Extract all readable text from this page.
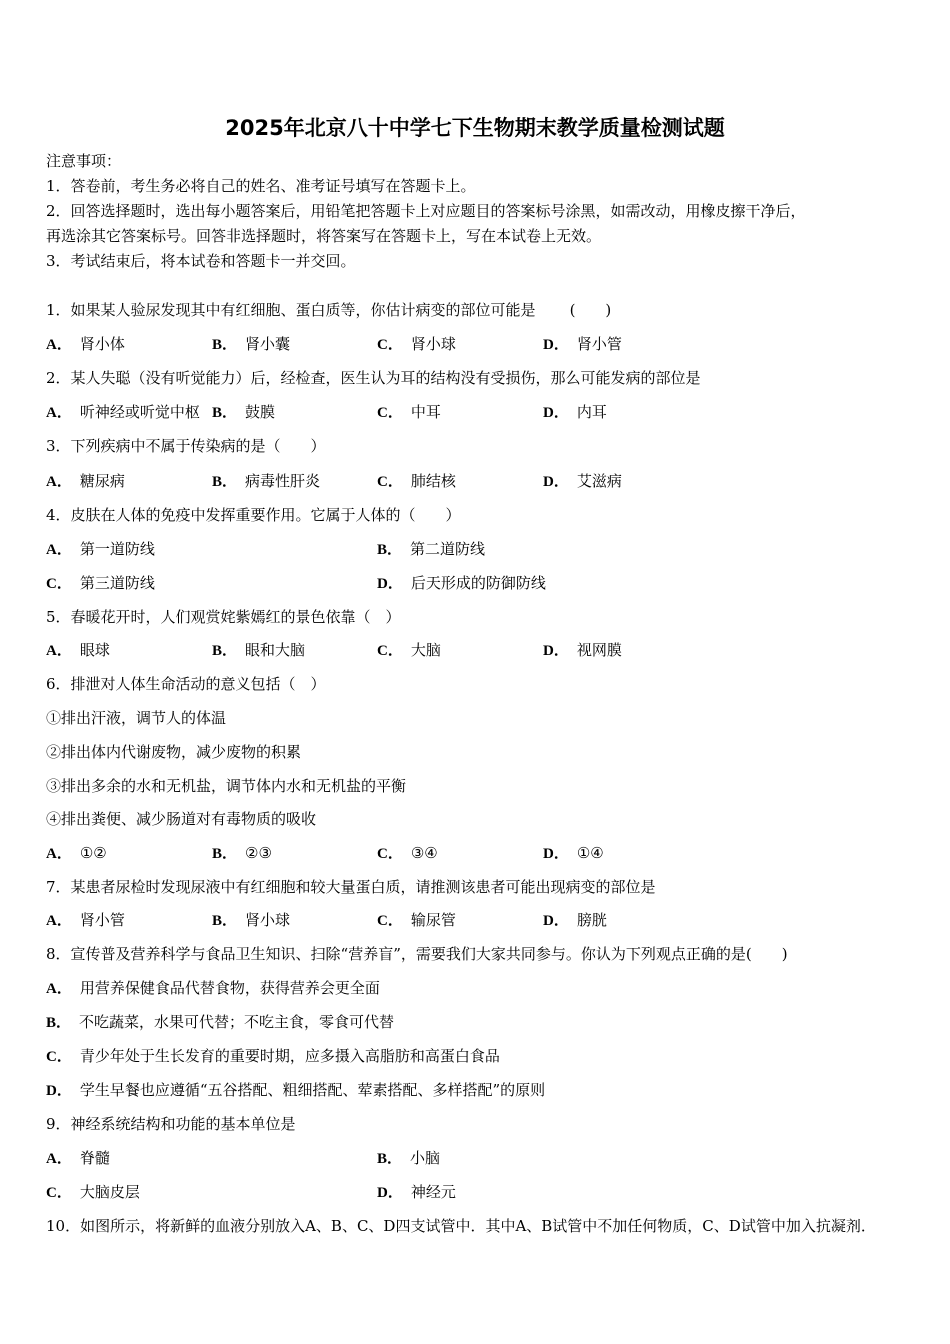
2025年北京八十中学七下生物期末教学质量检测试题
注意事项：
1．答卷前，考生务必将自己的姓名、准考证号填写在答题卡上。
2．回答选择题时，选出每小题答案后，用铅笔把答题卡上对应题目的答案标号涂黑，如需改动，用橡皮擦干净后，
再选涂其它答案标号。回答非选择题时，将答案写在答题卡上，写在本试卷上无效。
3．考试结束后，将本试卷和答题卡一并交回。
1．如果某人验尿发现其中有红细胞、蛋白质等，你估计病变的部位可能是 (　　)
A． 肾小体	B． 肾小囊	C． 肾小球	D． 肾小管
2．某人失聪（没有听觉能力）后，经检查，医生认为耳的结构没有受损伤，那么可能发病的部位是
A． 听神经或听觉中枢 B． 鼓膜	C． 中耳	D． 内耳
3．下列疾病中不属于传染病的是（　　）
A． 糖尿病	B． 病毒性肝炎	C． 肺结核	D． 艾滋病
4．皮肤在人体的免疫中发挥重要作用。它属于人体的（　　）
A． 第一道防线	B． 第二道防线
C． 第三道防线	D． 后天形成的防御防线
5．春暖花开时，人们观赏姹紫嫣红的景色依靠（　）
A． 眼球	B． 眼和大脑	C． 大脑	D． 视网膜
6．排泄对人体生命活动的意义包括（　）
①排出汗液，调节人的体温
②排出体内代谢废物，减少废物的积累
③排出多余的水和无机盐，调节体内水和无机盐的平衡
④排出粪便、减少肠道对有毒物质的吸收
A． ①②	B． ②③	C． ③④	D． ①④
7．某患者尿检时发现尿液中有红细胞和较大量蛋白质，请推测该患者可能出现病变的部位是
A． 肾小管	B． 肾小球	C． 输尿管	D． 膀胱
8．宣传普及营养科学与食品卫生知识、扫除“营养盲”，需要我们大家共同参与。你认为下列观点正确的是(　　)
A． 用营养保健食品代替食物，获得营养会更全面
B． 不吃蔬菜，水果可代替；不吃主食，零食可代替
C． 青少年处于生长发育的重要时期，应多摄入高脂肪和高蛋白食品
D． 学生早餐也应遵循“五谷搭配、粗细搭配、荤素搭配、多样搭配”的原则
9．神经系统结构和功能的基本单位是
A． 脊髓	B． 小脑
C． 大脑皮层	D． 神经元
10．如图所示，将新鲜的血液分别放入A、B、C、D四支试管中．其中A、B试管中不加任何物质，C、D试管中加入抗凝剂．
